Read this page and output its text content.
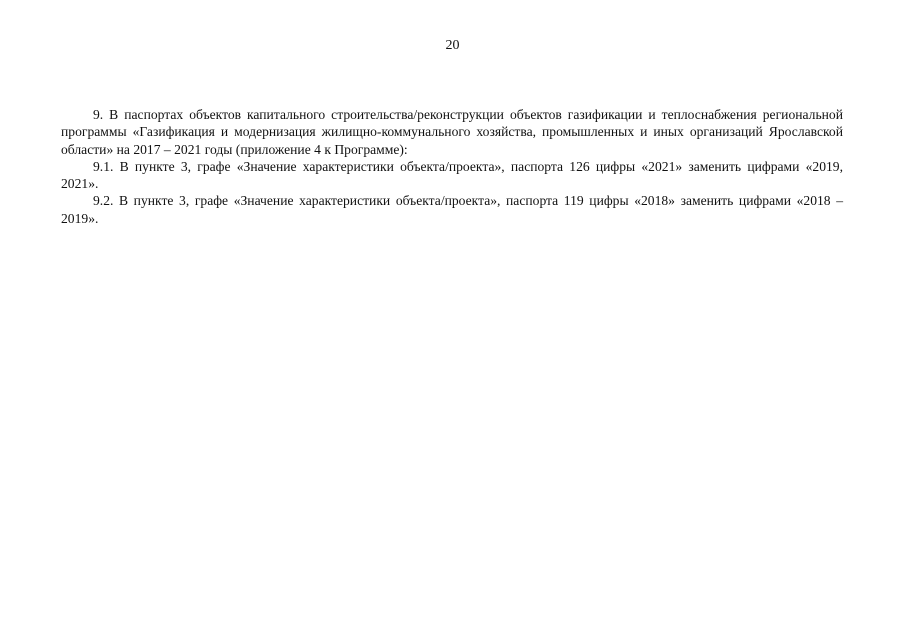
20

9. В паспортах объектов капитального строительства/реконструкции объектов газификации и теплоснабжения региональной программы «Газификация и модернизация жилищно-коммунального хозяйства, промышленных и иных организаций Ярославской области» на 2017 – 2021 годы (приложение 4 к Программе):

9.1. В пункте 3, графе «Значение характеристики объекта/проекта», паспорта 126 цифры «2021» заменить цифрами «2019, 2021».

9.2. В пункте 3, графе «Значение характеристики объекта/проекта», паспорта 119 цифры «2018» заменить цифрами «2018 – 2019».
